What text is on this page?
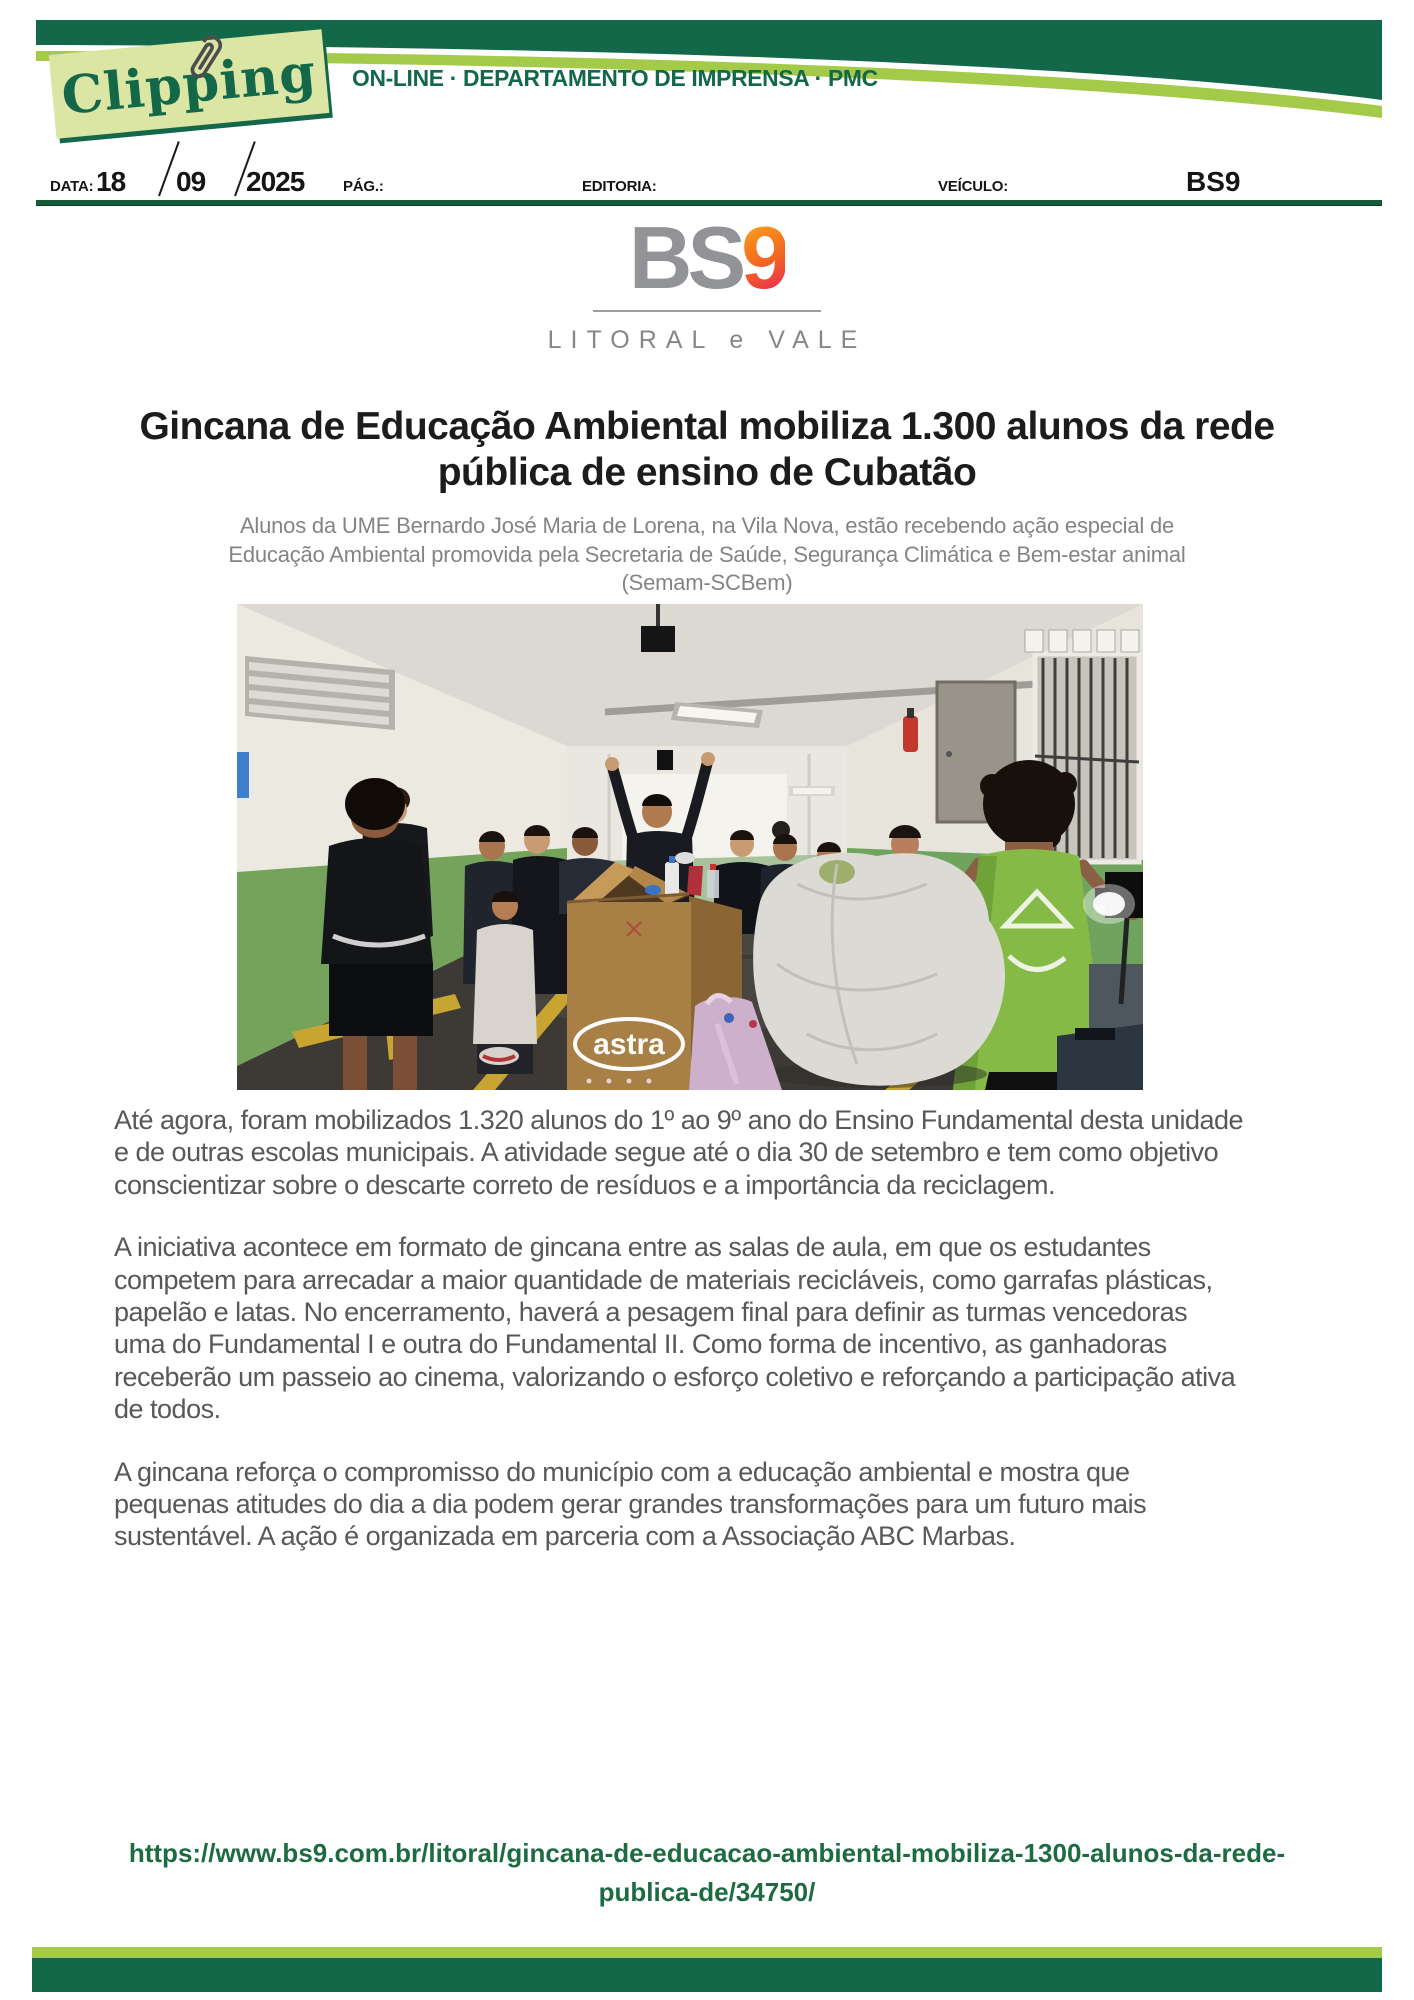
Clipping ON-LINE · DEPARTAMENTO DE IMPRENSA · PMC
DATA: 18 09 2025	PÁG.:	EDITORIA:	VEÍCULO:	BS9
BS9
LITORAL e VALE
Gincana de Educação Ambiental mobiliza 1.300 alunos da rede pública de ensino de Cubatão

Alunos da UME Bernardo José Maria de Lorena, na Vila Nova, estão recebendo ação especial de Educação Ambiental promovida pela Secretaria de Saúde, Segurança Climática e Bem-estar animal (Semam-SCBem)

astra

Até agora, foram mobilizados 1.320 alunos do 1º ao 9º ano do Ensino Fundamental desta unidade e de outras escolas municipais. A atividade segue até o dia 30 de setembro e tem como objetivo conscientizar sobre o descarte correto de resíduos e a importância da reciclagem.

A iniciativa acontece em formato de gincana entre as salas de aula, em que os estudantes competem para arrecadar a maior quantidade de materiais recicláveis, como garrafas plásticas, papelão e latas. No encerramento, haverá a pesagem final para definir as turmas vencedoras uma do Fundamental I e outra do Fundamental II. Como forma de incentivo, as ganhadoras receberão um passeio ao cinema, valorizando o esforço coletivo e reforçando a participação ativa de todos.

A gincana reforça o compromisso do município com a educação ambiental e mostra que pequenas atitudes do dia a dia podem gerar grandes transformações para um futuro mais sustentável. A ação é organizada em parceria com a Associação ABC Marbas.

https://www.bs9.com.br/litoral/gincana-de-educacao-ambiental-mobiliza-1300-alunos-da-rede-publica-de/34750/
